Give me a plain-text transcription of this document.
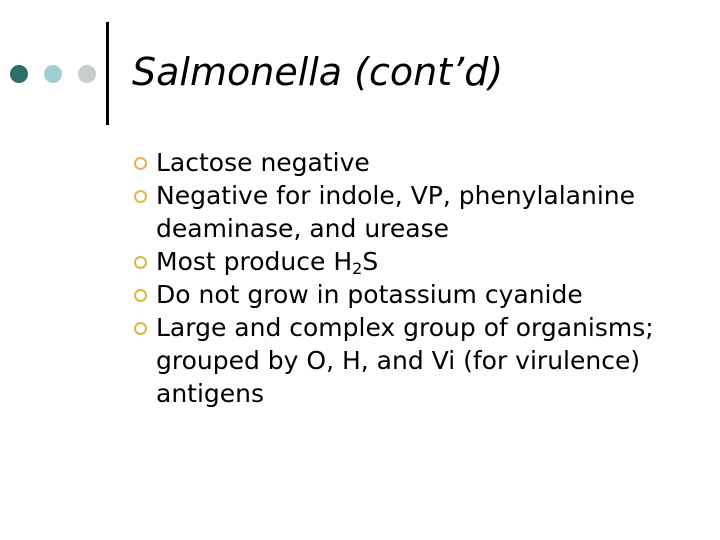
Salmonella (cont’d)
Lactose negative
Negative for indole, VP, phenylalanine deaminase, and urease
Most produce $H_2S$
Do not grow in potassium cyanide
Large and complex group of organisms; grouped by O, H, and Vi (for virulence) antigens
